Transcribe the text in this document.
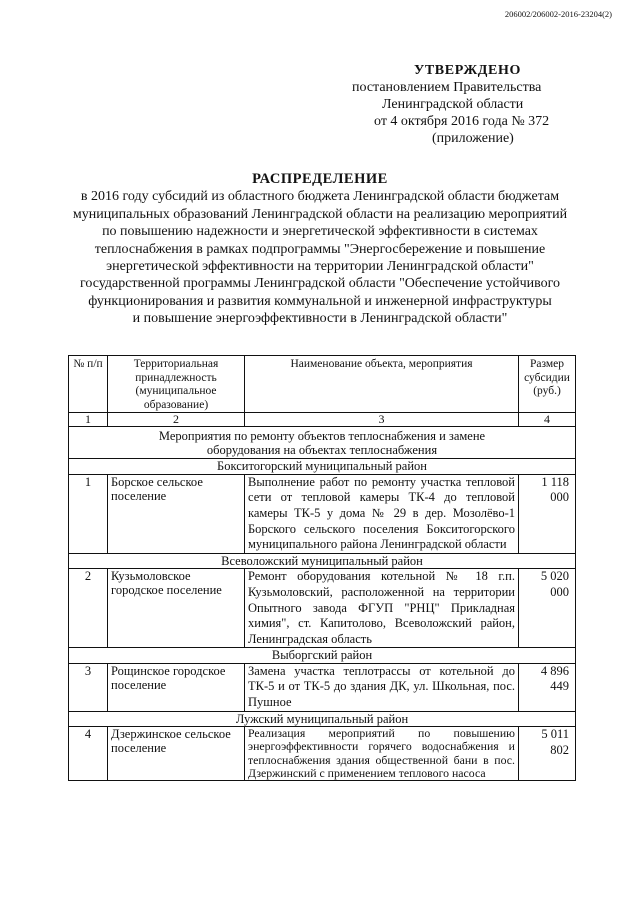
206002/206002-2016-23204(2)
УТВЕРЖДЕНО
постановлением Правительства
Ленинградской области
от 4 октября 2016 года № 372
(приложение)
РАСПРЕДЕЛЕНИЕ
в 2016 году субсидий из областного бюджета Ленинградской области бюджетам
муниципальных образований Ленинградской области на реализацию мероприятий
по повышению надежности и энергетической эффективности в системах
теплоснабжения в рамках подпрограммы "Энергосбережение и повышение
энергетической эффективности на территории Ленинградской области"
государственной программы Ленинградской области "Обеспечение устойчивого
функционирования и развития коммунальной и инженерной инфраструктуры
и повышение энергоэффективности в Ленинградской области"
№ п/п	Территориальная принадлежность (муниципальное образование)	Наименование объекта, мероприятия	Размер субсидии (руб.)
1	2	3	4
Мероприятия по ремонту объектов теплоснабжения и замене оборудования на объектах теплоснабжения			
Бокситогорский муниципальный район			
1	Борское сельское поселение	Выполнение работ по ремонту участка тепловой сети от тепловой камеры ТК-4 до тепловой камеры ТК-5 у дома № 29 в дер. Мозолёво-1 Борского сельского поселения Бокситогорского муниципального района Ленинградской области	1 118 000
Всеволожский муниципальный район			
2	Кузьмоловское городское поселение	Ремонт оборудования котельной № 18 г.п. Кузьмоловский, расположенной на территории Опытного завода ФГУП "РНЦ" Прикладная химия", ст. Капитолово, Всеволожский район, Ленинградская область	5 020 000
Выборгский район			
3	Рощинское городское поселение	Замена участка теплотрассы от котельной до ТК-5 и от ТК-5 до здания ДК, ул. Школьная, пос. Пушное	4 896 449
Лужский муниципальный район			
4	Дзержинское сельское поселение	Реализация мероприятий по повышению энергоэффективности горячего водоснабжения и теплоснабжения здания общественной бани в пос. Дзержинский с применением теплового насоса	5 011 802
